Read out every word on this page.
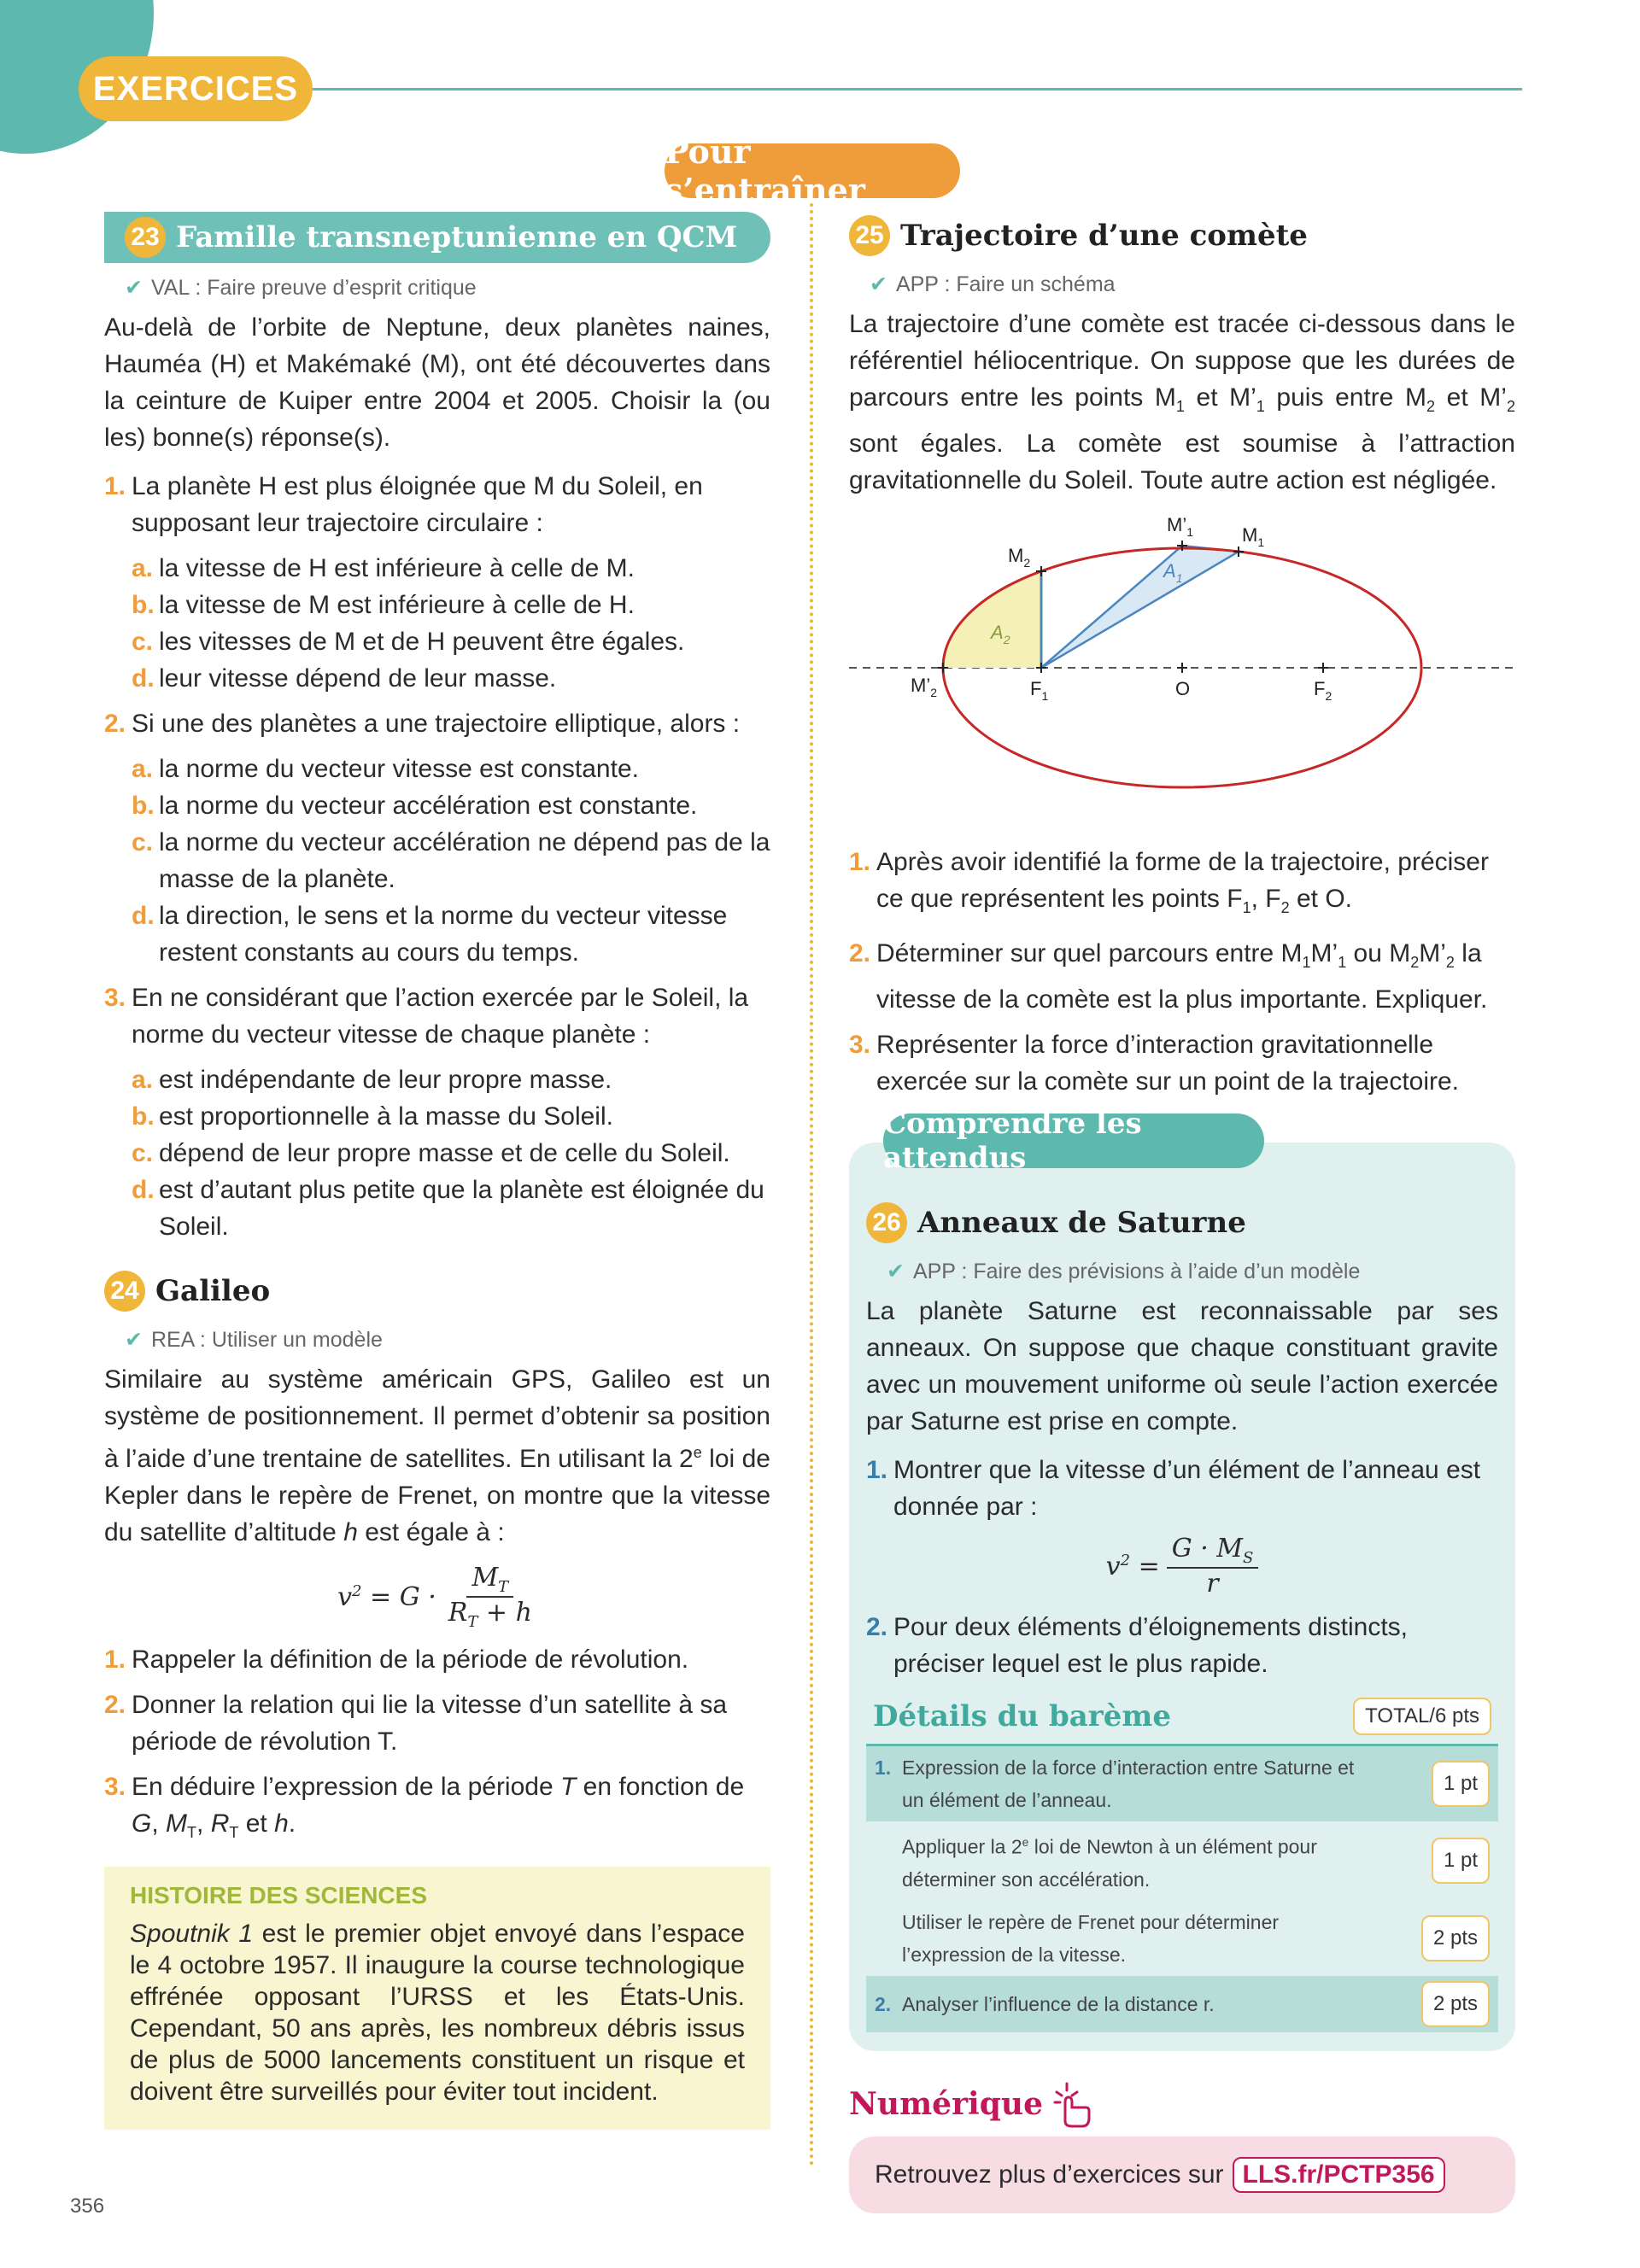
EXERCICES
Pour s’entraîner
23 Famille transneptunienne en QCM
✔ VAL : Faire preuve d’esprit critique

Au-delà de l’orbite de Neptune, deux planètes naines, Hauméa (H) et Makémaké (M), ont été découvertes dans la ceinture de Kuiper entre 2004 et 2005. Choisir la (ou les) bonne(s) réponse(s).

1. La planète H est plus éloignée que M du Soleil, en supposant leur trajectoire circulaire :
a. la vitesse de H est inférieure à celle de M.
b. la vitesse de M est inférieure à celle de H.
c. les vitesses de M et de H peuvent être égales.
d. leur vitesse dépend de leur masse.
2. Si une des planètes a une trajectoire elliptique, alors :
a. la norme du vecteur vitesse est constante.
b. la norme du vecteur accélération est constante.
c. la norme du vecteur accélération ne dépend pas de la masse de la planète.
d. la direction, le sens et la norme du vecteur vitesse restent constants au cours du temps.
3. En ne considérant que l’action exercée par le Soleil, la norme du vecteur vitesse de chaque planète :
a. est indépendante de leur propre masse.
b. est proportionnelle à la masse du Soleil.
c. dépend de leur propre masse et de celle du Soleil.
d. est d’autant plus petite que la planète est éloignée du Soleil.
24 Galileo
✔ REA : Utiliser un modèle

Similaire au système américain GPS, Galileo est un système de positionnement. Il permet d’obtenir sa position à l’aide d’une trentaine de satellites. En utilisant la 2e loi de Kepler dans le repère de Frenet, on montre que la vitesse du satellite d’altitude h est égale à :

$v^2 = G \cdot \frac{M_T}{R_T + h}$
1. Rappeler la définition de la période de révolution.
2. Donner la relation qui lie la vitesse d’un satellite à sa période de révolution T.
3. En déduire l’expression de la période T en fonction de G, $M_T$, $R_T$ et h.
HISTOIRE DES SCIENCES
Spoutnik 1 est le premier objet envoyé dans l’espace le 4 octobre 1957. Il inaugure la course technologique effrénée opposant l’URSS et les États-Unis. Cependant, 50 ans après, les nombreux débris issus de plus de 5000 lancements constituent un risque et doivent être surveillés pour éviter tout incident.
25 Trajectoire d’une comète
✔ APP : Faire un schéma

La trajectoire d’une comète est tracée ci-dessous dans le référentiel héliocentrique. On suppose que les durées de parcours entre les points $M_1$ et $M’_1$ puis entre $M_2$ et $M’_2$ sont égales. La comète est soumise à l’attraction gravitationnelle du Soleil. Toute autre action est négligée.

$M’_2$	$F_1$	O	$F_2$
$M_2$
$M’_1$	$M_1$
$A_2$
$A_1$
1. Après avoir identifié la forme de la trajectoire, préciser ce que représentent les points $F_1$, $F_2$ et O.
2. Déterminer sur quel parcours entre $M_1M’_1$ ou $M_2M’_2$ la vitesse de la comète est la plus importante. Expliquer.
3. Représenter la force d’interaction gravitationnelle exercée sur la comète sur un point de la trajectoire.
Comprendre les attendus
26 Anneaux de Saturne
✔ APP : Faire des prévisions à l’aide d’un modèle

La planète Saturne est reconnaissable par ses anneaux. On suppose que chaque constituant gravite avec un mouvement uniforme où seule l’action exercée par Saturne est prise en compte.

1. Montrer que la vitesse d’un élément de l’anneau est donnée par :
$v^2 = \frac{G \cdot M_S}{r}$
2. Pour deux éléments d’éloignements distincts, préciser lequel est le plus rapide.
Détails du barème	TOTAL/6 pts
1. Expression de la force d’interaction entre Saturne et un élément de l’anneau.
1 pt
Appliquer la 2e loi de Newton à un élément pour déterminer son accélération.
1 pt
Utiliser le repère de Frenet pour déterminer l’expression de la vitesse.
2 pts
2. Analyser l’influence de la distance r.	2 pts
Numérique
Retrouvez plus d’exercices sur LLS.fr/PCTP356
356
